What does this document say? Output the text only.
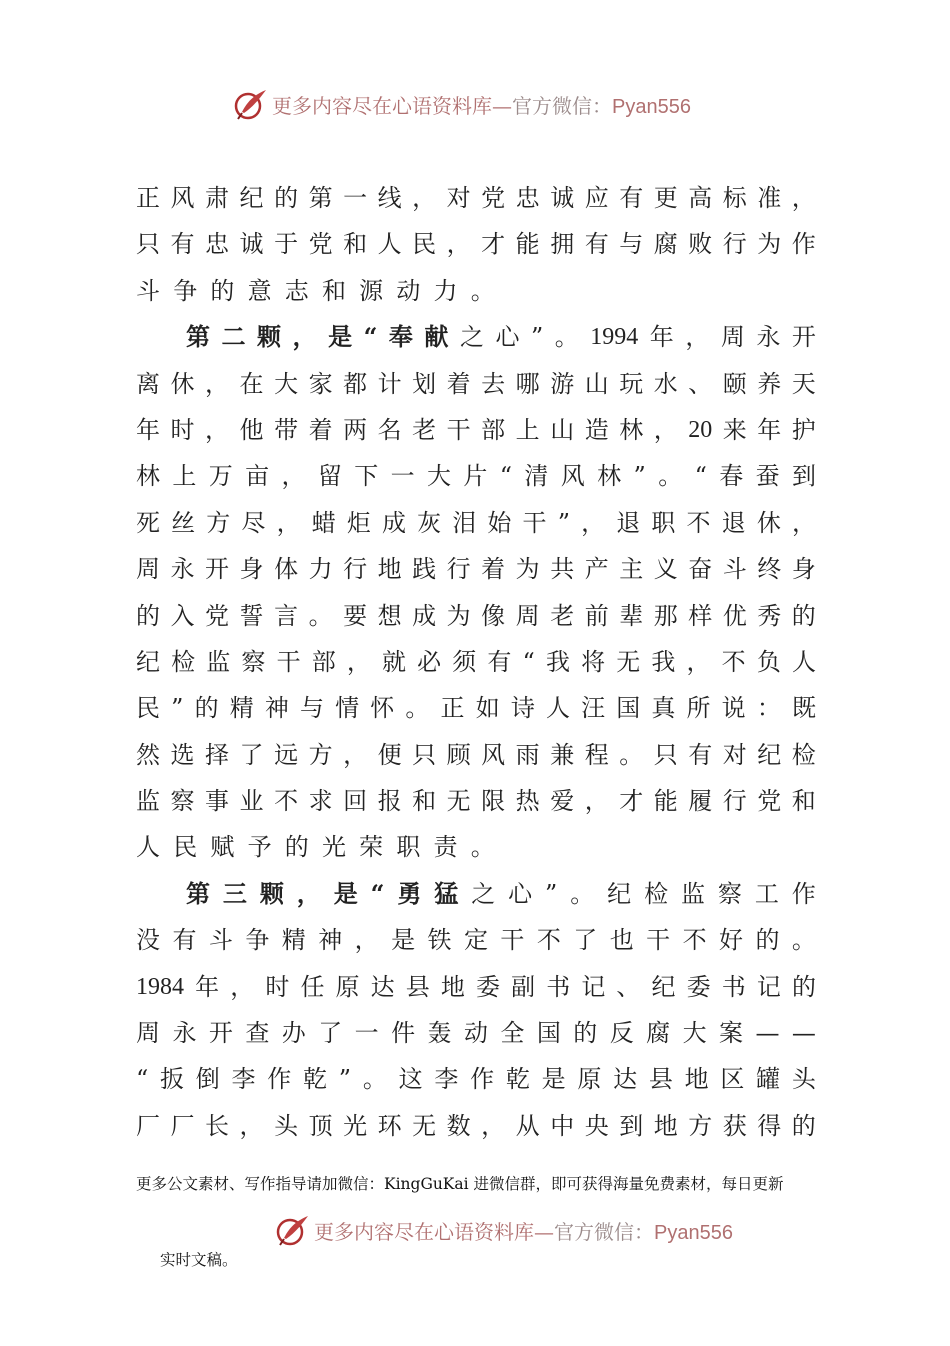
更多内容尽在心语资料库—官方微信：Pyan556
正 风 肃 纪 的 第 一 线 ， 对 党 忠 诚 应 有 更 高 标 准 ，
只 有 忠 诚 于 党 和 人 民 ， 才 能 拥 有 与 腐 败 行 为 作
斗 争 的 意 志 和 源 动 力 。
第 二 颗 ， 是 “ 奉 献 之 心 ” 。 1994 年 ， 周 永 开
离 休 ， 在 大 家 都 计 划 着 去 哪 游 山 玩 水 、 颐 养 天
年 时 ， 他 带 着 两 名 老 干 部 上 山 造 林 ， 20 来 年 护
林 上 万 亩 ， 留 下 一 大 片 “ 清 风 林 ” 。 “ 春 蚕 到
死 丝 方 尽 ， 蜡 炬 成 灰 泪 始 干 ” ， 退 职 不 退 休 ，
周 永 开 身 体 力 行 地 践 行 着 为 共 产 主 义 奋 斗 终 身
的 入 党 誓 言 。 要 想 成 为 像 周 老 前 辈 那 样 优 秀 的
纪 检 监 察 干 部 ， 就 必 须 有 “ 我 将 无 我 ， 不 负 人
民 ” 的 精 神 与 情 怀 。 正 如 诗 人 汪 国 真 所 说 ： 既
然 选 择 了 远 方 ， 便 只 顾 风 雨 兼 程 。 只 有 对 纪 检
监 察 事 业 不 求 回 报 和 无 限 热 爱 ， 才 能 履 行 党 和
人 民 赋 予 的 光 荣 职 责 。
第 三 颗 ， 是 “ 勇 猛 之 心 ” 。 纪 检 监 察 工 作
没 有 斗 争 精 神 ， 是 铁 定 干 不 了 也 干 不 好 的 。
1984 年 ， 时 任 原 达 县 地 委 副 书 记 、 纪 委 书 记 的
周 永 开 查 办 了 一 件 轰 动 全 国 的 反 腐 大 案 — —
“ 扳 倒 李 作 乾 ” 。 这 李 作 乾 是 原 达 县 地 区 罐 头
厂 厂 长 ， 头 顶 光 环 无 数 ， 从 中 央 到 地 方 获 得 的
更多公文素材、写作指导请加微信：KingGuKai 进微信群，即可获得海量免费素材，每日更新
更多内容尽在心语资料库—官方微信：Pyan556
实时文稿。
